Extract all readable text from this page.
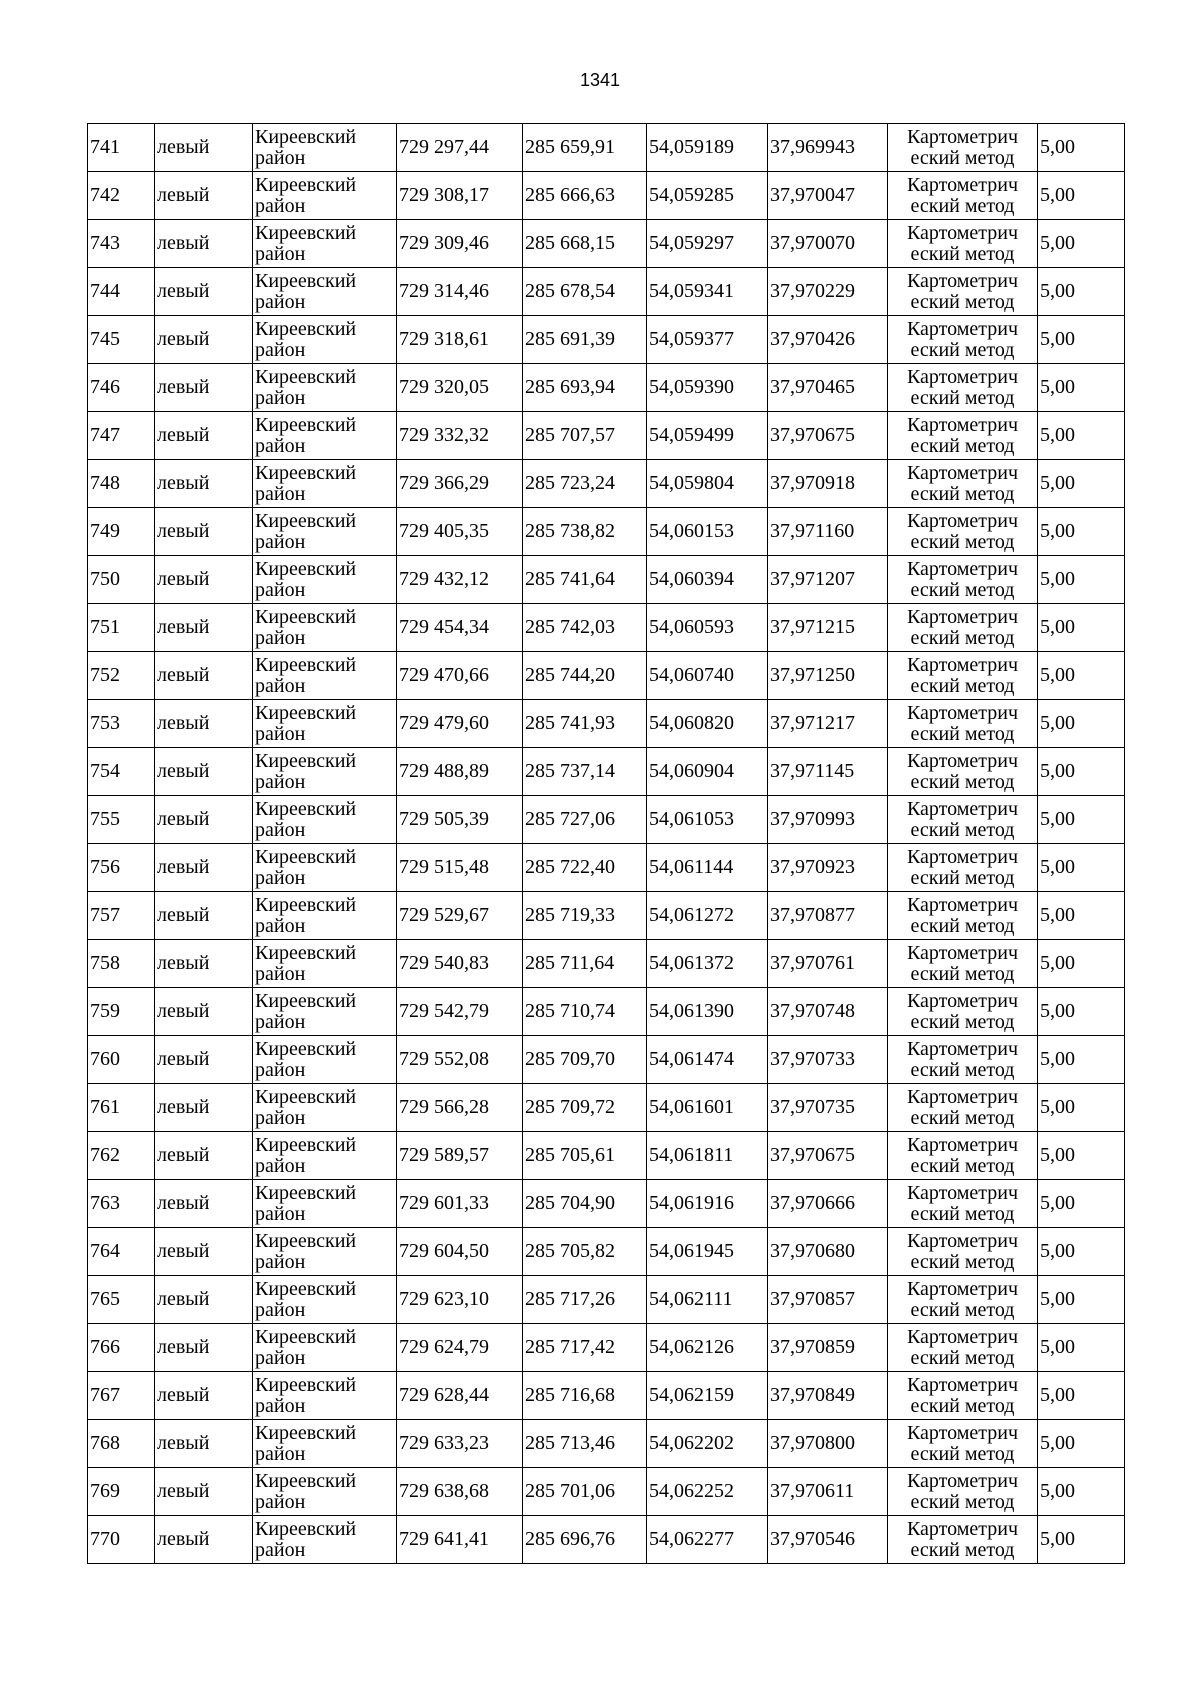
1341
741	левый	Киреевский район	729 297,44	285 659,91	54,059189	37,969943	Картометрич еский метод	5,00
742	левый	Киреевский район	729 308,17	285 666,63	54,059285	37,970047	Картометрич еский метод	5,00
743	левый	Киреевский район	729 309,46	285 668,15	54,059297	37,970070	Картометрич еский метод	5,00
744	левый	Киреевский район	729 314,46	285 678,54	54,059341	37,970229	Картометрич еский метод	5,00
745	левый	Киреевский район	729 318,61	285 691,39	54,059377	37,970426	Картометрич еский метод	5,00
746	левый	Киреевский район	729 320,05	285 693,94	54,059390	37,970465	Картометрич еский метод	5,00
747	левый	Киреевский район	729 332,32	285 707,57	54,059499	37,970675	Картометрич еский метод	5,00
748	левый	Киреевский район	729 366,29	285 723,24	54,059804	37,970918	Картометрич еский метод	5,00
749	левый	Киреевский район	729 405,35	285 738,82	54,060153	37,971160	Картометрич еский метод	5,00
750	левый	Киреевский район	729 432,12	285 741,64	54,060394	37,971207	Картометрич еский метод	5,00
751	левый	Киреевский район	729 454,34	285 742,03	54,060593	37,971215	Картометрич еский метод	5,00
752	левый	Киреевский район	729 470,66	285 744,20	54,060740	37,971250	Картометрич еский метод	5,00
753	левый	Киреевский район	729 479,60	285 741,93	54,060820	37,971217	Картометрич еский метод	5,00
754	левый	Киреевский район	729 488,89	285 737,14	54,060904	37,971145	Картометрич еский метод	5,00
755	левый	Киреевский район	729 505,39	285 727,06	54,061053	37,970993	Картометрич еский метод	5,00
756	левый	Киреевский район	729 515,48	285 722,40	54,061144	37,970923	Картометрич еский метод	5,00
757	левый	Киреевский район	729 529,67	285 719,33	54,061272	37,970877	Картометрич еский метод	5,00
758	левый	Киреевский район	729 540,83	285 711,64	54,061372	37,970761	Картометрич еский метод	5,00
759	левый	Киреевский район	729 542,79	285 710,74	54,061390	37,970748	Картометрич еский метод	5,00
760	левый	Киреевский район	729 552,08	285 709,70	54,061474	37,970733	Картометрич еский метод	5,00
761	левый	Киреевский район	729 566,28	285 709,72	54,061601	37,970735	Картометрич еский метод	5,00
762	левый	Киреевский район	729 589,57	285 705,61	54,061811	37,970675	Картометрич еский метод	5,00
763	левый	Киреевский район	729 601,33	285 704,90	54,061916	37,970666	Картометрич еский метод	5,00
764	левый	Киреевский район	729 604,50	285 705,82	54,061945	37,970680	Картометрич еский метод	5,00
765	левый	Киреевский район	729 623,10	285 717,26	54,062111	37,970857	Картометрич еский метод	5,00
766	левый	Киреевский район	729 624,79	285 717,42	54,062126	37,970859	Картометрич еский метод	5,00
767	левый	Киреевский район	729 628,44	285 716,68	54,062159	37,970849	Картометрич еский метод	5,00
768	левый	Киреевский район	729 633,23	285 713,46	54,062202	37,970800	Картометрич еский метод	5,00
769	левый	Киреевский район	729 638,68	285 701,06	54,062252	37,970611	Картометрич еский метод	5,00
770	левый	Киреевский район	729 641,41	285 696,76	54,062277	37,970546	Картометрич еский метод	5,00
